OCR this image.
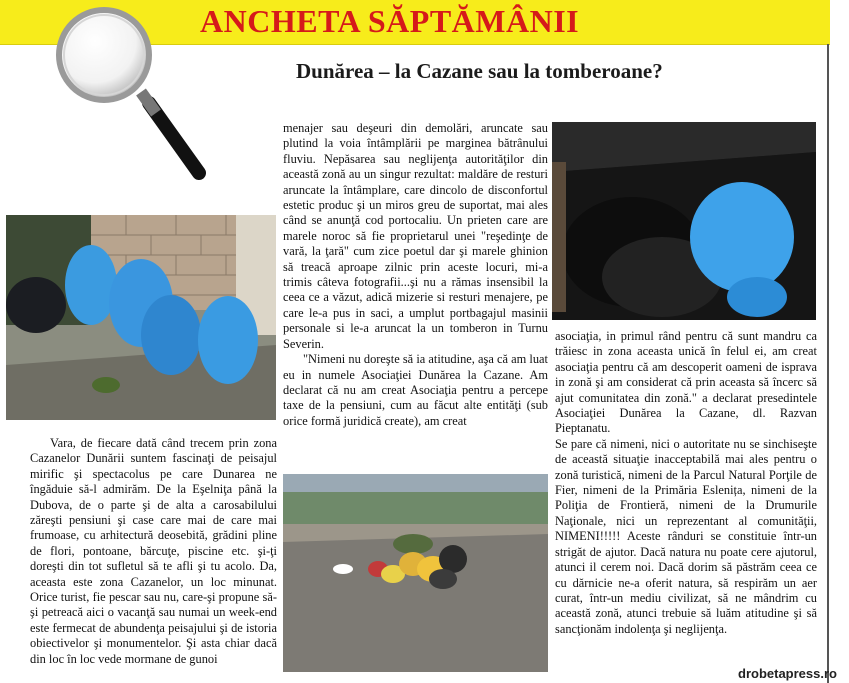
ANCHETA SĂPTĂMÂNII
Dunărea – la Cazane sau la tomberoane?

Vara, de fiecare dată când trecem prin zona Cazanelor Dunării suntem fascinaţi de peisajul mirific şi spectacolus pe care Dunarea ne îngăduie să-l admirăm. De la Eşelniţa până la Dubova, de o parte şi de alta a carosabilului zăreşti pensiuni şi case care mai de care mai frumoase, cu arhitectură deosebită, grădini pline de flori, pontoane, bărcuţe, piscine etc. şi-ţi doreşti din tot sufletul să te afli şi tu acolo. Da, aceasta este zona Cazanelor, un loc minunat. Orice turist, fie pescar sau nu, care-şi propune să-şi petreacă aici o vacanţă sau numai un week-end este fermecat de abundenţa peisajului şi de istoria obiectivelor şi monumentelor. Şi asta chiar dacă din loc în loc vede mormane de gunoi

menajer sau deşeuri din demolări, aruncate sau plutind la voia întâmplării pe marginea bătrânului fluviu. Nepăsarea sau neglijenţa autorităţilor din această zonă au un singur rezultat: maldăre de resturi aruncate la întâmplare, care dincolo de disconfortul estetic produc şi un miros greu de suportat, mai ales când se anunţă cod portocaliu. Un prieten care are marele noroc să fie proprietarul unei "reşedinţe de vară, la ţară" cum zice poetul dar şi marele ghinion să treacă aproape zilnic prin aceste locuri, mi-a trimis câteva fotografii...şi nu a rămas insensibil la ceea ce a văzut, adică mizerie si resturi menajere, pe care le-a pus in saci, a umplut portbagajul masinii personale si le-a aruncat la un tomberon in Turnu Severin.

"Nimeni nu doreşte să ia atitudine, aşa că am luat eu in numele Asociaţiei Dunărea la Cazane. Am declarat că nu am creat Asociaţia pentru a percepe taxe de la pensiuni, cum au făcut alte entităţi (sub orice formă juridică create), am creat

asociaţia, in primul rând pentru că sunt mandru ca trăiesc in zona aceasta unică în felul ei, am creat asociaţia pentru că am descoperit oameni de isprava in zonă şi am considerat că prin aceasta să încerc să ajut comunitatea din zonă." a declarat presedintele Asociaţiei Dunărea la Cazane, dl. Razvan Pieptanatu.

Se pare că nimeni, nici o autoritate nu se sinchiseşte de această situaţie inacceptabilă mai ales pentru o zonă turistică, nimeni de la Parcul Natural Porţile de Fier, nimeni de la Primăria Eslenița, nimeni de la Poliţia de Frontieră, nimeni de la Drumurile Naţionale, nici un reprezentant al comunităţii, NIMENI!!!!! Aceste rânduri se constituie într-un strigăt de ajutor. Dacă natura nu poate cere ajutorul, atunci il cerem noi. Dacă dorim să păstrăm ceea ce cu dărnicie ne-a oferit natura, să respirăm un aer curat, într-un mediu civilizat, să ne mândrim cu această zonă, atunci trebuie să luăm atitudine şi să sancţionăm indolenţa şi neglijenţa.

drobetapress.ro
